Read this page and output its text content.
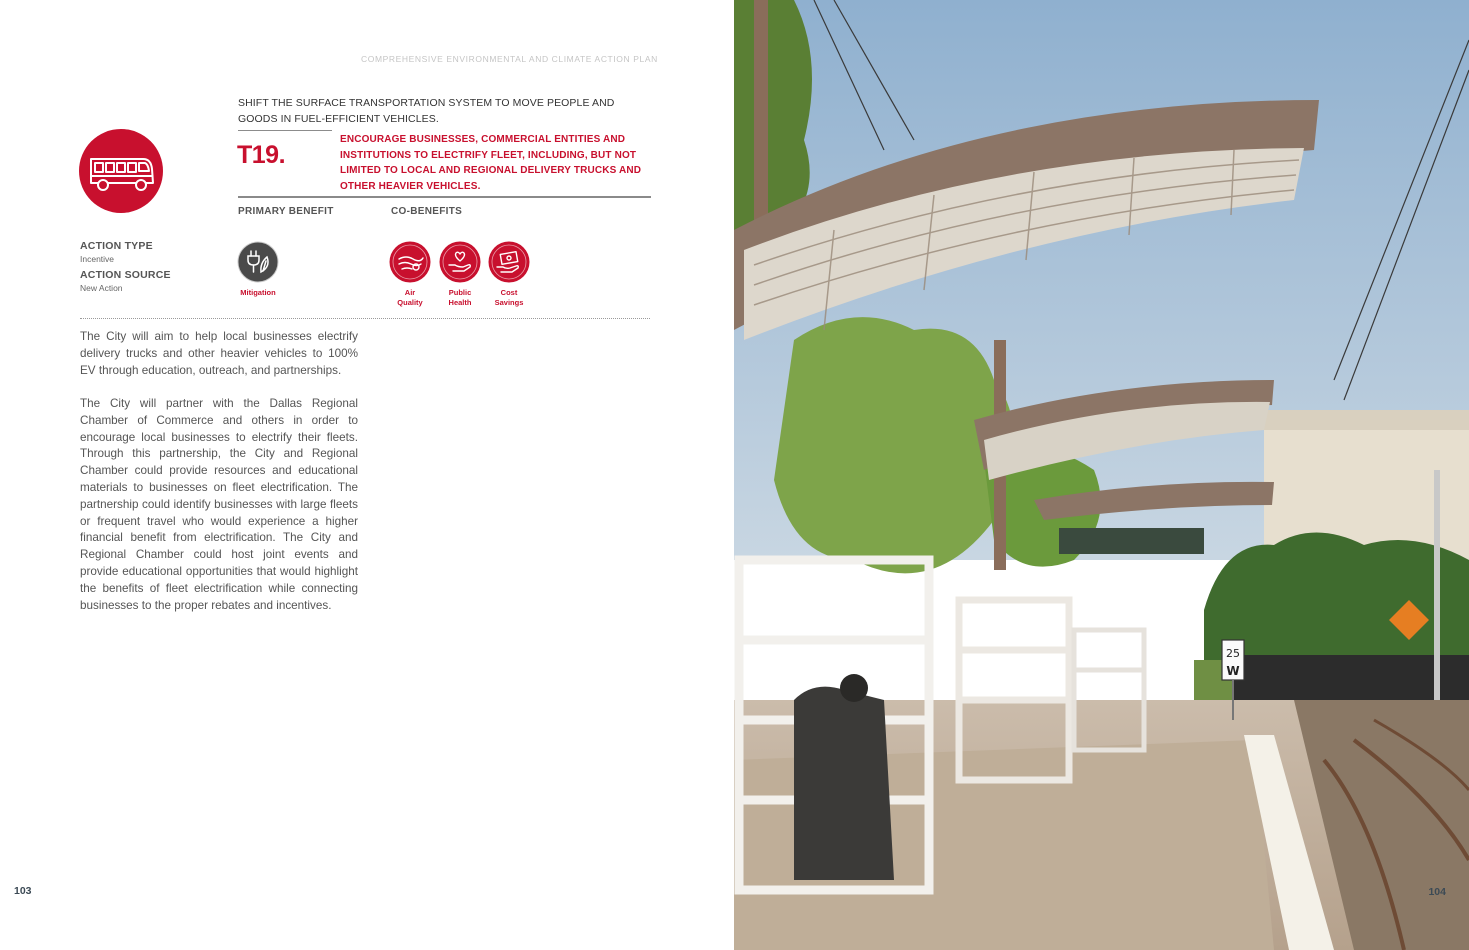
COMPREHENSIVE ENVIRONMENTAL AND CLIMATE ACTION PLAN
SHIFT THE SURFACE TRANSPORTATION SYSTEM TO MOVE PEOPLE AND GOODS IN FUEL-EFFICIENT VEHICLES.
T19.
ENCOURAGE BUSINESSES, COMMERCIAL ENTITIES AND INSTITUTIONS TO ELECTRIFY FLEET, INCLUDING, BUT NOT LIMITED TO LOCAL AND REGIONAL DELIVERY TRUCKS AND OTHER HEAVIER VEHICLES.
ACTION TYPE
Incentive
ACTION SOURCE
New Action
PRIMARY BENEFIT	CO-BENEFITS
Mitigation	Air
Quality
Public
Health
Cost
Savings
The City will aim to help local businesses electrify delivery trucks and other heavier vehicles to 100% EV through education, outreach, and partnerships.
The City will partner with the Dallas Regional Chamber of Commerce and others in order to encourage local businesses to electrify their fleets. Through this partnership, the City and Regional Chamber could provide resources and educational materials to businesses on fleet electrification. The partnership could identify businesses with large fleets or frequent travel who would experience a higher financial benefit from electrification. The City and Regional Chamber could host joint events and provide educational opportunities that would highlight the benefits of fleet electrification while connecting businesses to the proper rebates and incentives.
103
25
W
104
